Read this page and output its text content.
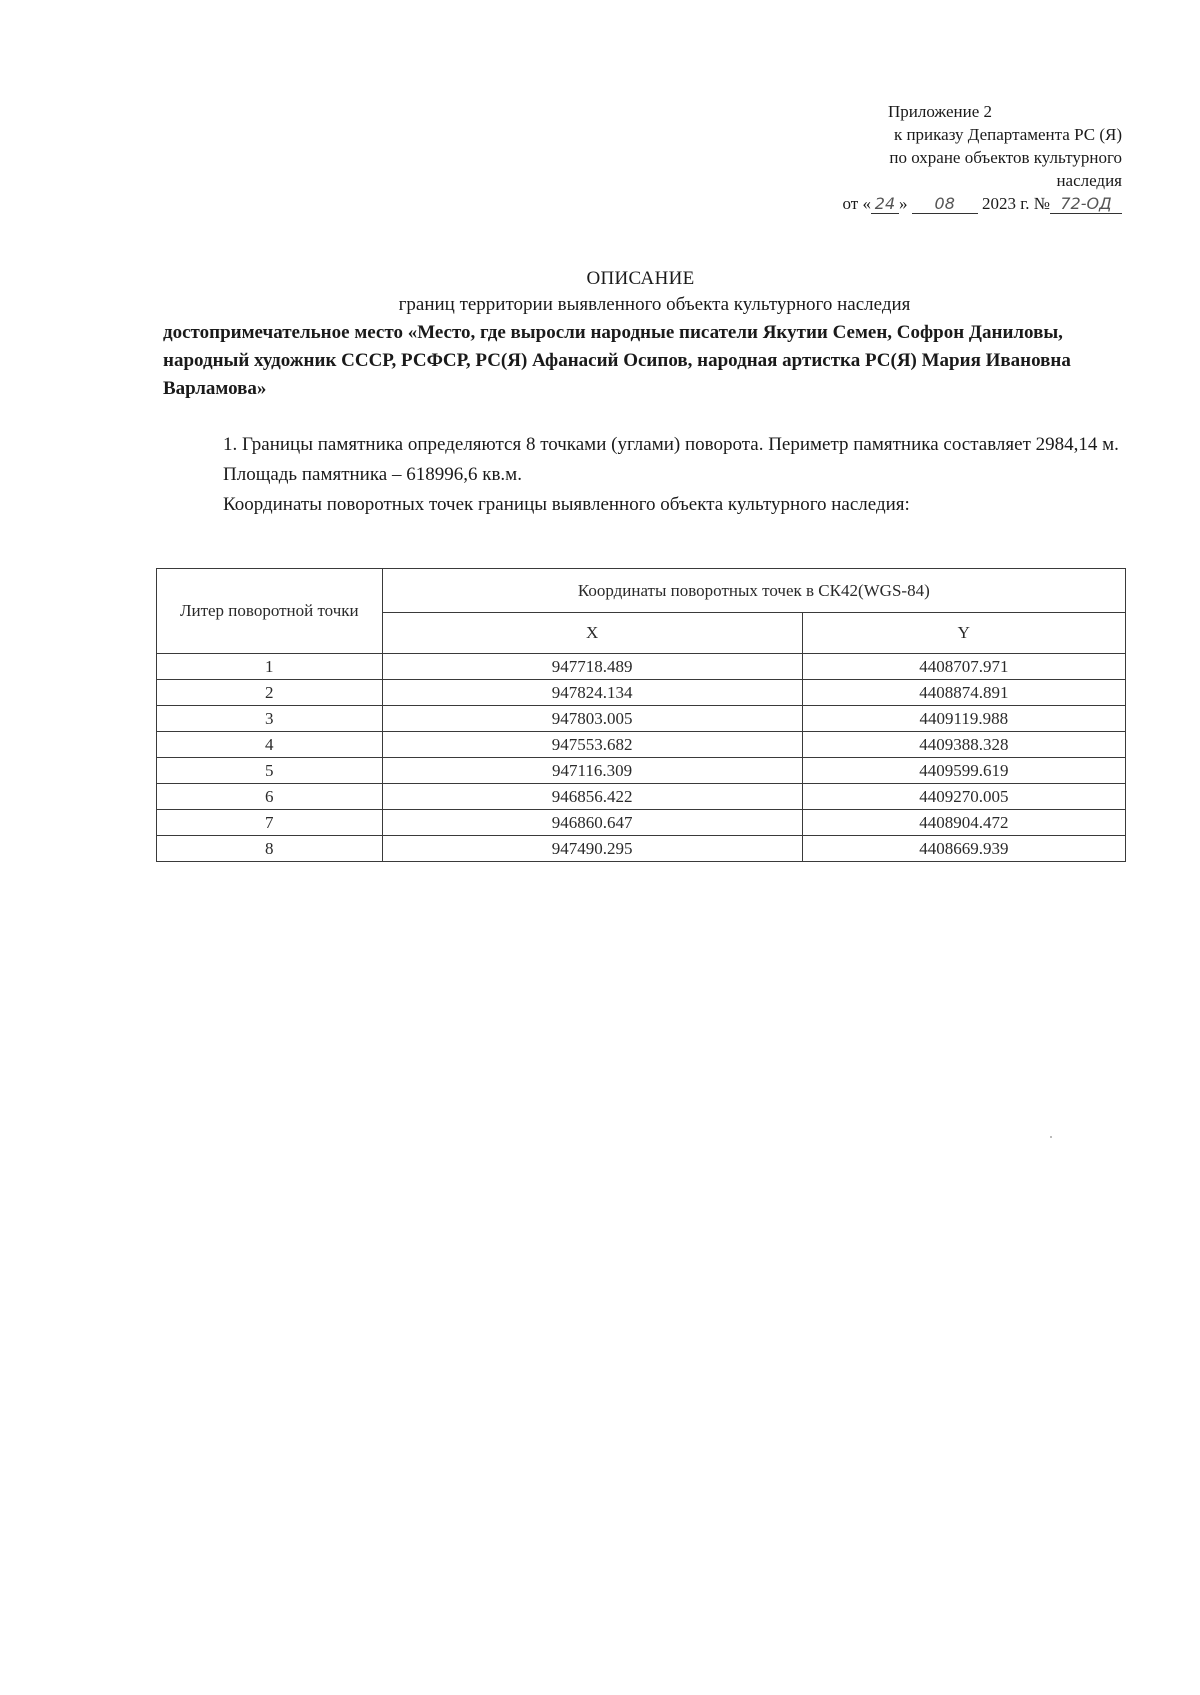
Приложение 2
к приказу Департамента РС (Я)
по охране объектов культурного
наследия
от « 24 » 08 2023 г. № 72-ОД
ОПИСАНИЕ
границ территории выявленного объекта культурного наследия
достопримечательное место «Место, где выросли народные писатели Якутии Семен, Софрон Даниловы, народный художник СССР, РСФСР, РС(Я) Афанасий Осипов, народная артистка РС(Я) Мария Ивановна Варламова»

1. Границы памятника определяются 8 точками (углами) поворота. Периметр памятника составляет 2984,14 м.

Площадь памятника – 618996,6 кв.м.

Координаты поворотных точек границы выявленного объекта культурного наследия:

Литер поворотной точки	Координаты поворотных точек в СК42(WGS-84)	
	X	Y
1	947718.489	4408707.971
2	947824.134	4408874.891
3	947803.005	4409119.988
4	947553.682	4409388.328
5	947116.309	4409599.619
6	946856.422	4409270.005
7	946860.647	4408904.472
8	947490.295	4408669.939
